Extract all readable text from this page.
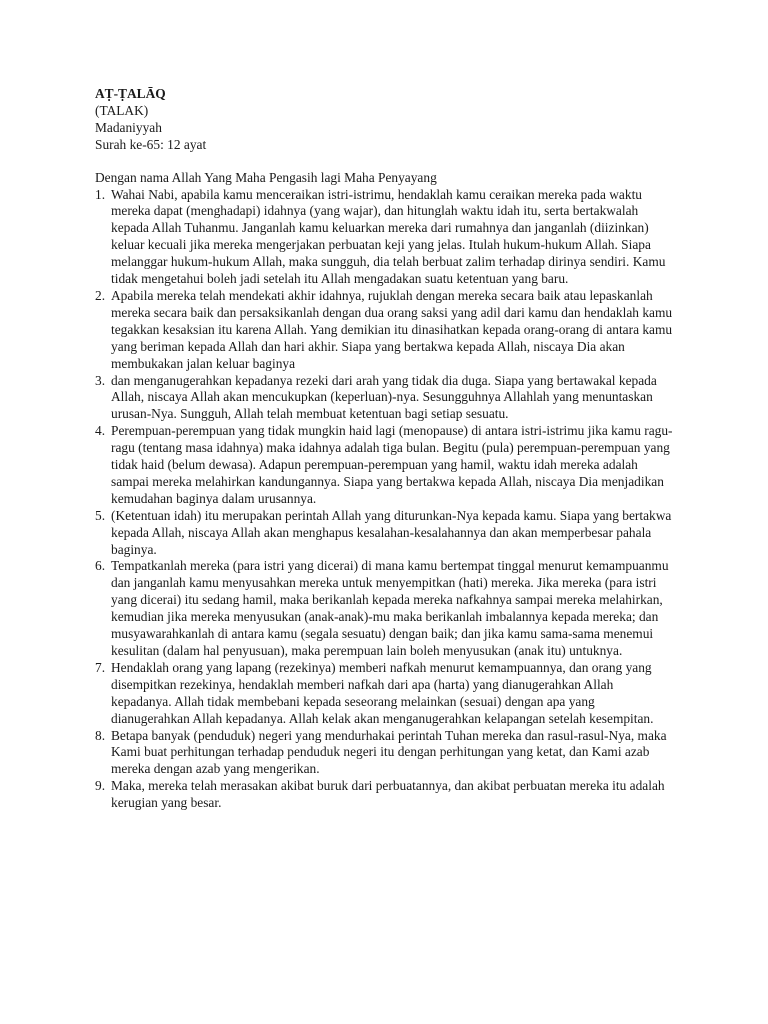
AṬ-ṬALĀQ
(TALAK)
Madaniyyah
Surah ke-65: 12 ayat
Dengan nama Allah Yang Maha Pengasih lagi Maha Penyayang
1. Wahai Nabi, apabila kamu menceraikan istri-istrimu, hendaklah kamu ceraikan mereka pada waktu mereka dapat (menghadapi) idahnya (yang wajar), dan hitunglah waktu idah itu, serta bertakwalah kepada Allah Tuhanmu. Janganlah kamu keluarkan mereka dari rumahnya dan janganlah (diizinkan) keluar kecuali jika mereka mengerjakan perbuatan keji yang jelas. Itulah hukum-hukum Allah. Siapa melanggar hukum-hukum Allah, maka sungguh, dia telah berbuat zalim terhadap dirinya sendiri. Kamu tidak mengetahui boleh jadi setelah itu Allah mengadakan suatu ketentuan yang baru.
2. Apabila mereka telah mendekati akhir idahnya, rujuklah dengan mereka secara baik atau lepaskanlah mereka secara baik dan persaksikanlah dengan dua orang saksi yang adil dari kamu dan hendaklah kamu tegakkan kesaksian itu karena Allah. Yang demikian itu dinasihatkan kepada orang-orang di antara kamu yang beriman kepada Allah dan hari akhir. Siapa yang bertakwa kepada Allah, niscaya Dia akan membukakan jalan keluar baginya
3. dan menganugerahkan kepadanya rezeki dari arah yang tidak dia duga. Siapa yang bertawakal kepada Allah, niscaya Allah akan mencukupkan (keperluan)-nya. Sesungguhnya Allahlah yang menuntaskan urusan-Nya. Sungguh, Allah telah membuat ketentuan bagi setiap sesuatu.
4. Perempuan-perempuan yang tidak mungkin haid lagi (menopause) di antara istri-istrimu jika kamu ragu-ragu (tentang masa idahnya) maka idahnya adalah tiga bulan. Begitu (pula) perempuan-perempuan yang tidak haid (belum dewasa). Adapun perempuan-perempuan yang hamil, waktu idah mereka adalah sampai mereka melahirkan kandungannya. Siapa yang bertakwa kepada Allah, niscaya Dia menjadikan kemudahan baginya dalam urusannya.
5. (Ketentuan idah) itu merupakan perintah Allah yang diturunkan-Nya kepada kamu. Siapa yang bertakwa kepada Allah, niscaya Allah akan menghapus kesalahan-kesalahannya dan akan memperbesar pahala baginya.
6. Tempatkanlah mereka (para istri yang dicerai) di mana kamu bertempat tinggal menurut kemampuanmu dan janganlah kamu menyusahkan mereka untuk menyempitkan (hati) mereka. Jika mereka (para istri yang dicerai) itu sedang hamil, maka berikanlah kepada mereka nafkahnya sampai mereka melahirkan, kemudian jika mereka menyusukan (anak-anak)-mu maka berikanlah imbalannya kepada mereka; dan musyawarahkanlah di antara kamu (segala sesuatu) dengan baik; dan jika kamu sama-sama menemui kesulitan (dalam hal penyusuan), maka perempuan lain boleh menyusukan (anak itu) untuknya.
7. Hendaklah orang yang lapang (rezekinya) memberi nafkah menurut kemampuannya, dan orang yang disempitkan rezekinya, hendaklah memberi nafkah dari apa (harta) yang dianugerahkan Allah kepadanya. Allah tidak membebani kepada seseorang melainkan (sesuai) dengan apa yang dianugerahkan Allah kepadanya. Allah kelak akan menganugerahkan kelapangan setelah kesempitan.
8. Betapa banyak (penduduk) negeri yang mendurhakai perintah Tuhan mereka dan rasul-rasul-Nya, maka Kami buat perhitungan terhadap penduduk negeri itu dengan perhitungan yang ketat, dan Kami azab mereka dengan azab yang mengerikan.
9. Maka, mereka telah merasakan akibat buruk dari perbuatannya, dan akibat perbuatan mereka itu adalah kerugian yang besar.
